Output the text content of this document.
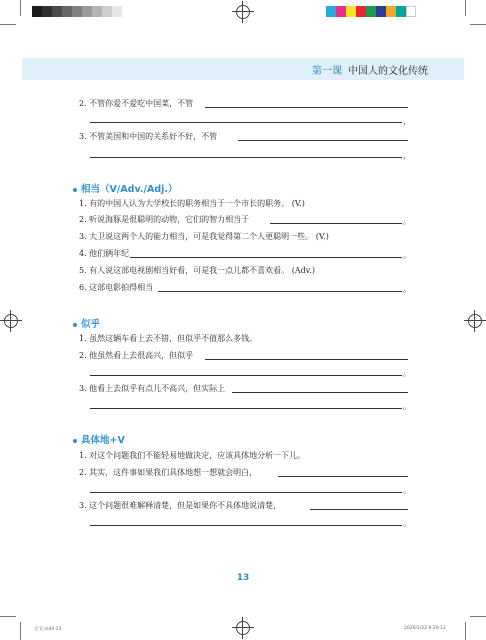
第一课 中国人的文化传统
2. 不管你爱不爱吃中国菜，不管
，
3. 不管美国和中国的关系好不好，不管
，
相当（V/Adv./Adj.）
1. 有的中国人认为大学校长的职务相当于一个市长的职务。 (V.)
2. 听说海豚是很聪明的动物，它们的智力相当于	。
3. 大卫说这两个人的能力相当，可是我觉得第二个人更聪明一些。 (V.)
4. 他们俩年纪	。
5. 有人说这部电视剧相当好看，可是我一点儿都不喜欢看。 (Adv.)
6. 这部电影拍得相当	。
似乎
1. 虽然这辆车看上去不错，但似乎不值那么多钱。
2. 他虽然看上去很高兴，但似乎
。
3. 他看上去似乎有点儿不高兴，但实际上
。
具体地+V
1. 对这个问题我们不能轻易地做决定，应该具体地分析一下儿。
2. 其实，这件事如果我们具体地想一想就会明白，
。
3. 这个问题很难解释清楚，但是如果你不具体地说清楚，
。
13
正文.indd 13	2020/1/22 9:29:12
